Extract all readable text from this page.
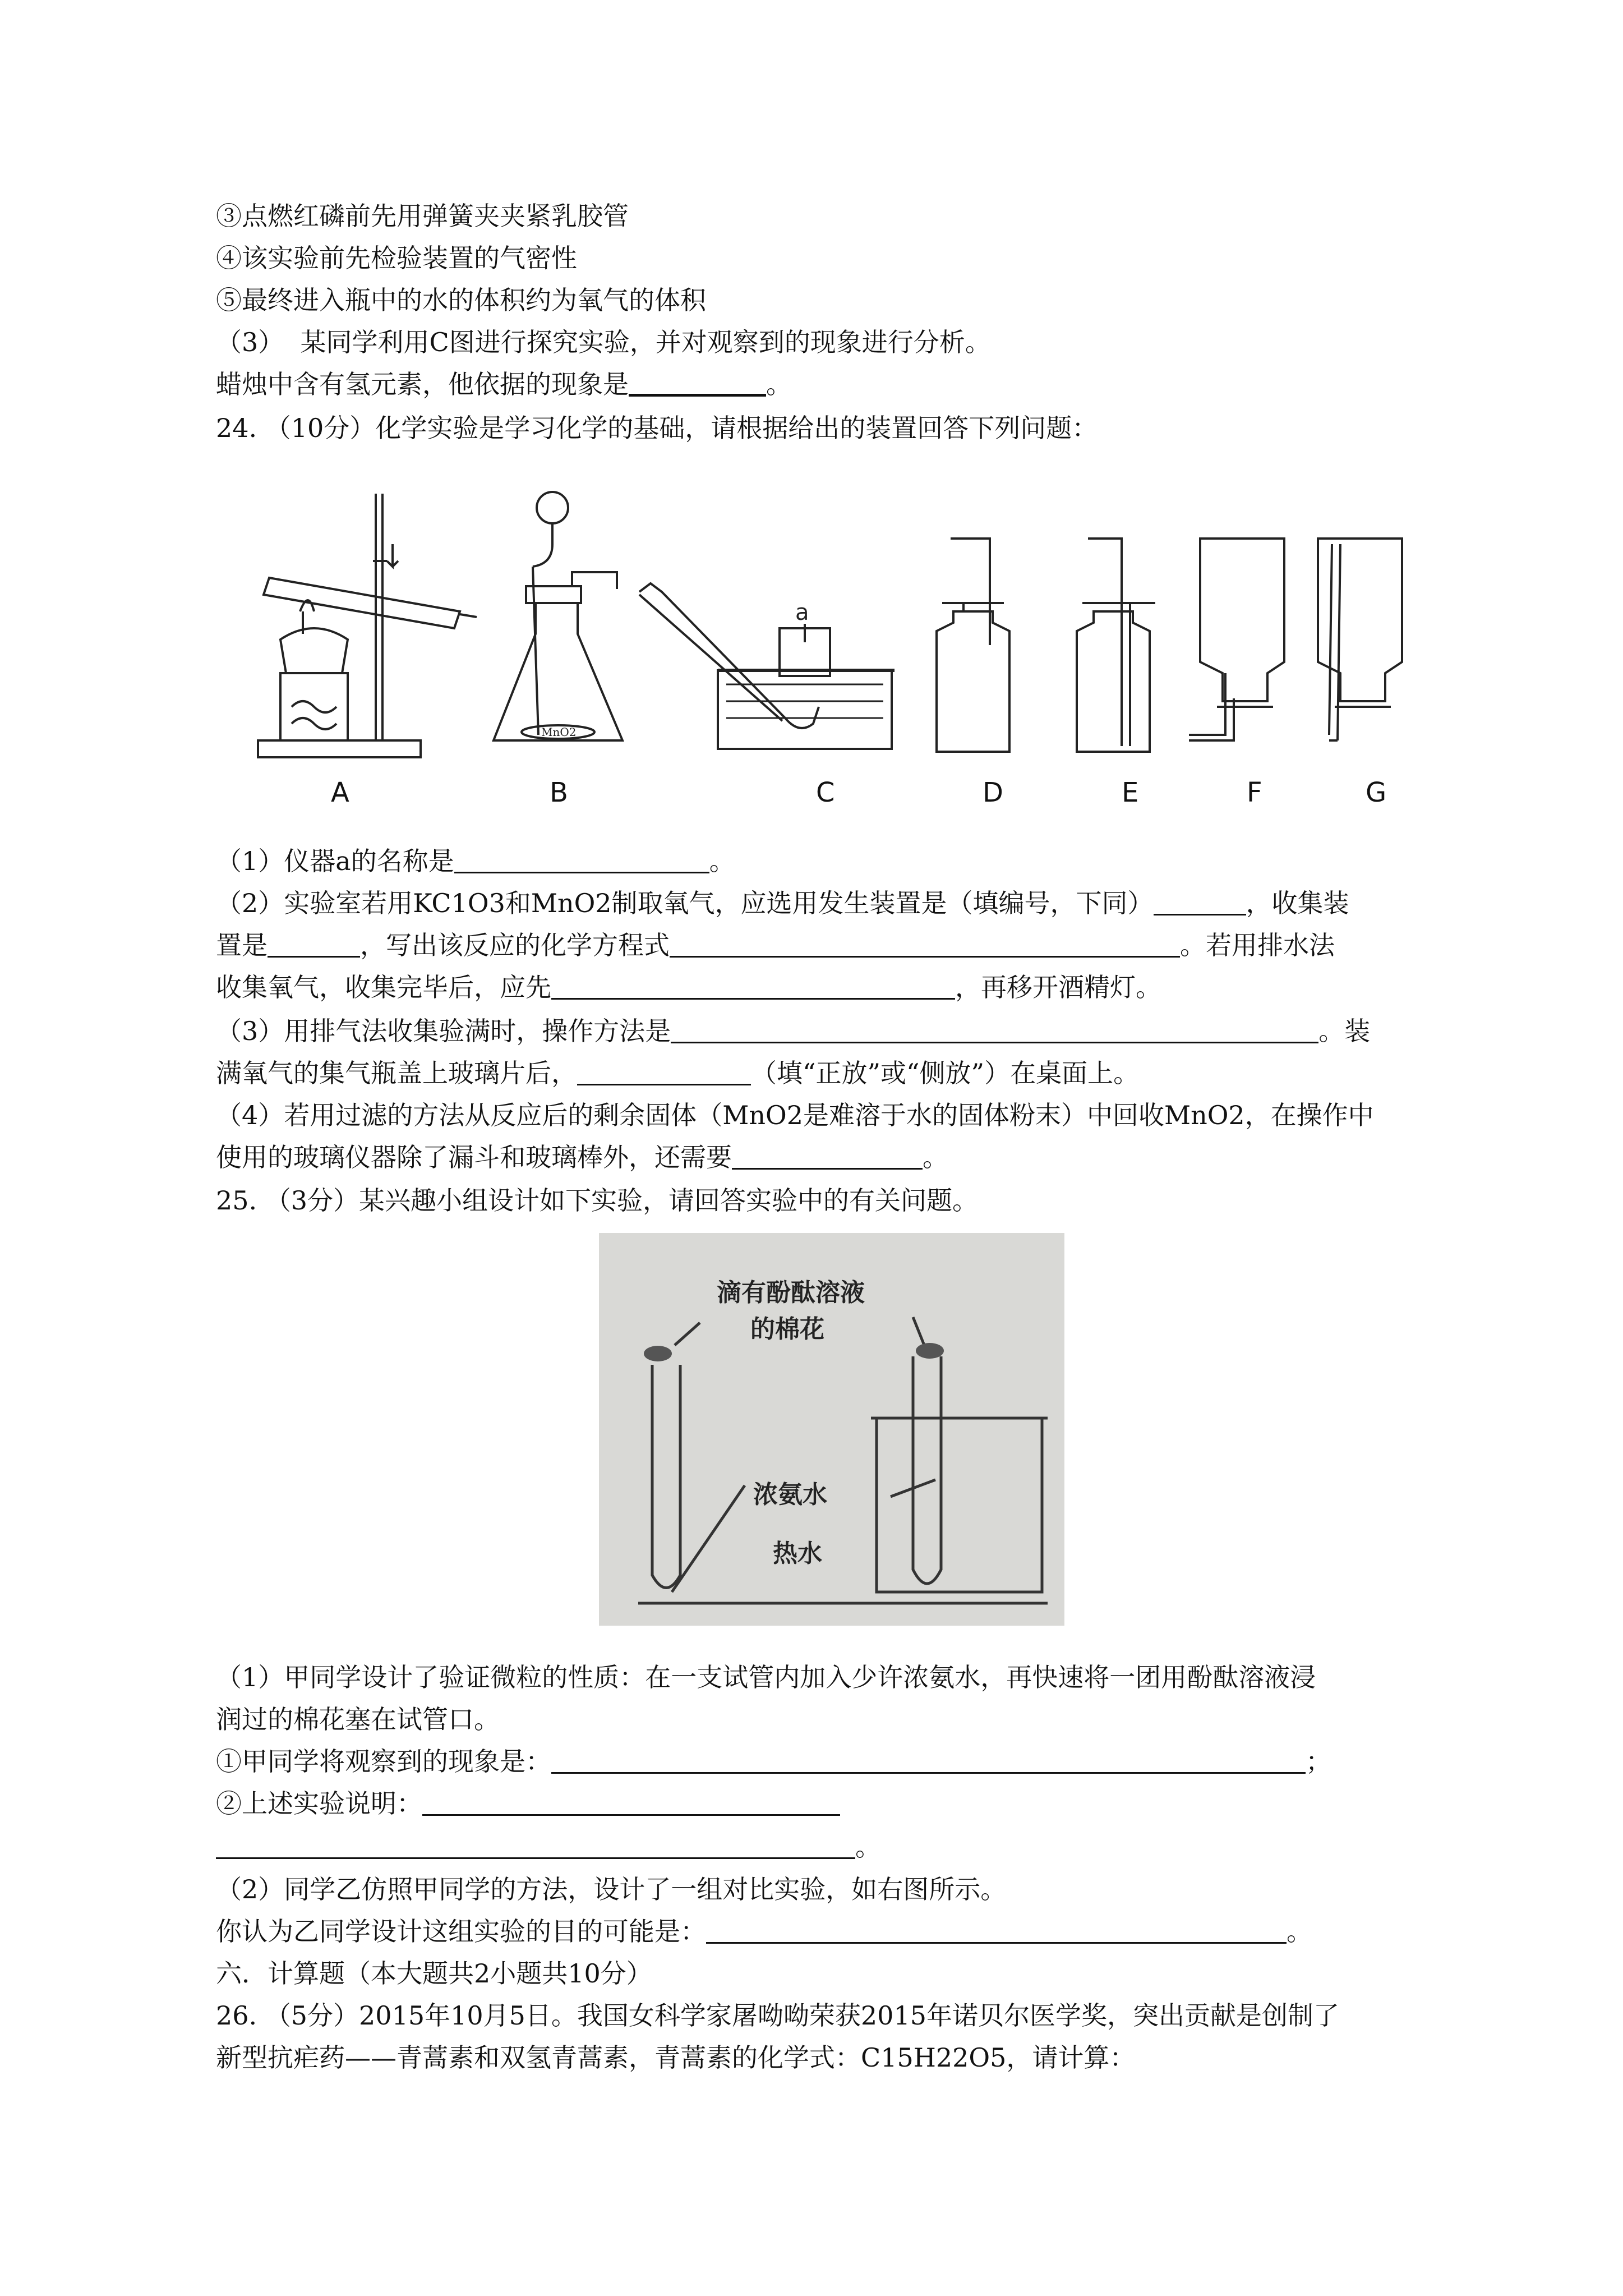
③点燃红磷前先用弹簧夹夹紧乳胶管
④该实验前先检验装置的气密性
⑤最终进入瓶中的水的体积约为氧气的体积
（3）  某同学利用C图进行探究实验，并对观察到的现象进行分析。
蜡烛中含有氢元素，他依据的现象是	。
24. （10分）化学实验是学习化学的基础，请根据给出的装置回答下列问题：
MnO2
a
A	B	C	D	E	F	G
（1）仪器a的名称是	。
（2）实验室若用KC1O3和MnO2制取氧气，应选用发生装置是（填编号，下同）	，收集装
置是	，写出该反应的化学方程式	。若用排水法
收集氧气，收集完毕后，应先	，再移开酒精灯。
（3）用排气法收集验满时，操作方法是	。装
满氧气的集气瓶盖上玻璃片后，	（填“正放”或“侧放”）在桌面上。
（4）若用过滤的方法从反应后的剩余固体（MnO2是难溶于水的固体粉末）中回收MnO2，在操作中
使用的玻璃仪器除了漏斗和玻璃棒外，还需要	。
25. （3分）某兴趣小组设计如下实验，请回答实验中的有关问题。
滴有酚酞溶液
的棉花
浓氨水
热水
（1）甲同学设计了验证微粒的性质：在一支试管内加入少许浓氨水，再快速将一团用酚酞溶液浸
润过的棉花塞在试管口。
①甲同学将观察到的现象是：	；
②上述实验说明：
。
（2）同学乙仿照甲同学的方法，设计了一组对比实验，如右图所示。
你认为乙同学设计这组实验的目的可能是：	。
六．计算题（本大题共2小题共10分）
26. （5分）2015年10月5日。我国女科学家屠呦呦荣获2015年诺贝尔医学奖，突出贡献是创制了
新型抗疟药——青蒿素和双氢青蒿素，青蒿素的化学式：C15H22O5，请计算：
